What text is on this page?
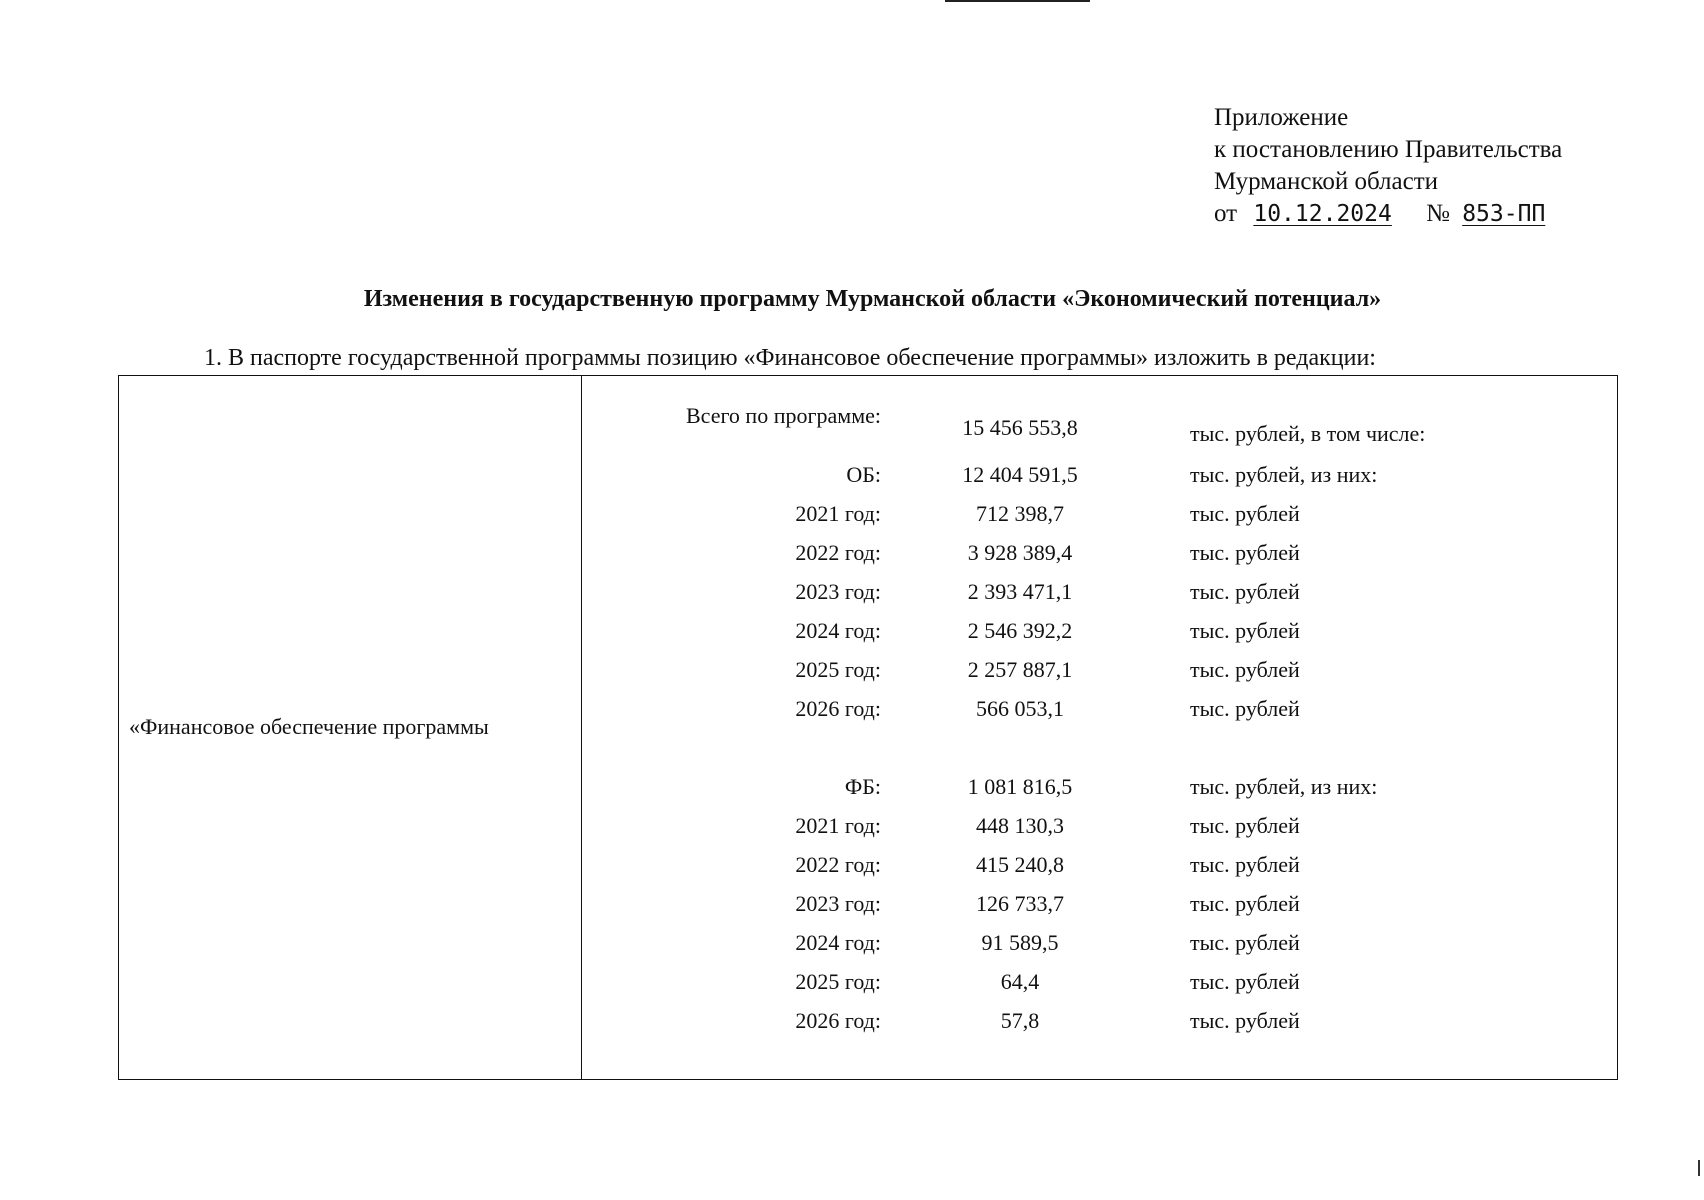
Приложение
к постановлению Правительства
Мурманской области
от 10.12.2024 № 853-ПП
Изменения в государственную программу Мурманской области «Экономический потенциал»
1. В паспорте государственной программы позицию «Финансовое обеспечение программы» изложить в редакции:
«Финансовое обеспечение программы
Всего по программе:	15 456 553,8	тыс. рублей, в том числе:
ОБ:	12 404 591,5	тыс. рублей, из них:
2021 год:	712 398,7	тыс. рублей
2022 год:	3 928 389,4	тыс. рублей
2023 год:	2 393 471,1	тыс. рублей
2024 год:	2 546 392,2	тыс. рублей
2025 год:	2 257 887,1	тыс. рублей
2026 год:	566 053,1	тыс. рублей
ФБ:	1 081 816,5	тыс. рублей, из них:
2021 год:	448 130,3	тыс. рублей
2022 год:	415 240,8	тыс. рублей
2023 год:	126 733,7	тыс. рублей
2024 год:	91 589,5	тыс. рублей
2025 год:	64,4	тыс. рублей
2026 год:	57,8	тыс. рублей
